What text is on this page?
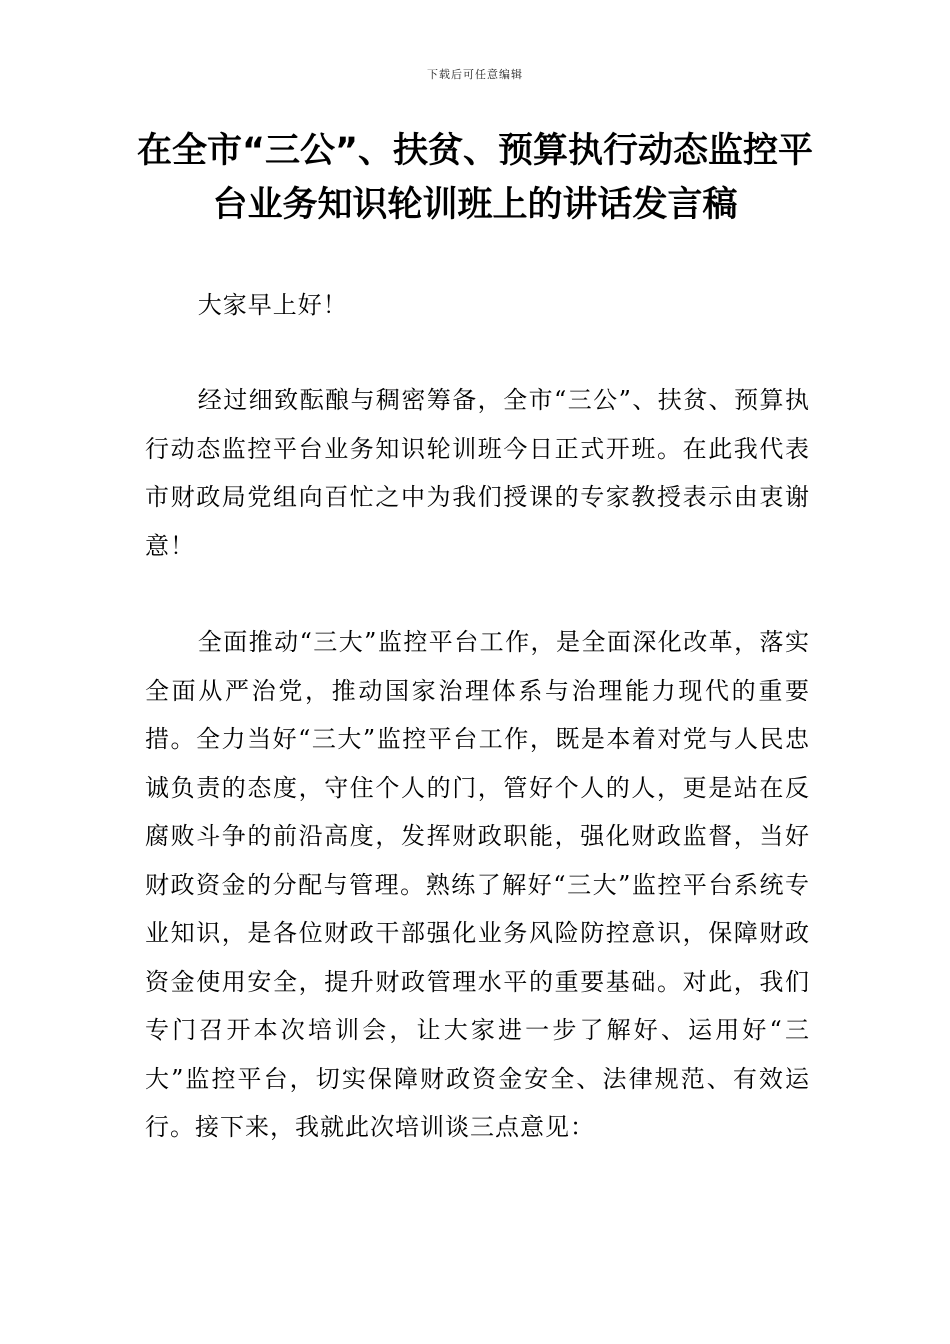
下载后可任意编辑
在全市“三公”、扶贫、预算执行动态监控平台业务知识轮训班上的讲话发言稿

大家早上好！

经过细致酝酿与稠密筹备，全市“三公”、扶贫、预算执行动态监控平台业务知识轮训班今日正式开班。在此我代表市财政局党组向百忙之中为我们授课的专家教授表示由衷谢意！

全面推动“三大”监控平台工作，是全面深化改革，落实全面从严治党，推动国家治理体系与治理能力现代的重要措。全力当好“三大”监控平台工作，既是本着对党与人民忠诚负责的态度，守住个人的门，管好个人的人，更是站在反腐败斗争的前沿高度，发挥财政职能，强化财政监督，当好财政资金的分配与管理。熟练了解好“三大”监控平台系统专业知识，是各位财政干部强化业务风险防控意识，保障财政资金使用安全，提升财政管理水平的重要基础。对此，我们专门召开本次培训会，让大家进一步了解好、运用好“三大”监控平台，切实保障财政资金安全、法律规范、有效运行。接下来，我就此次培训谈三点意见：
